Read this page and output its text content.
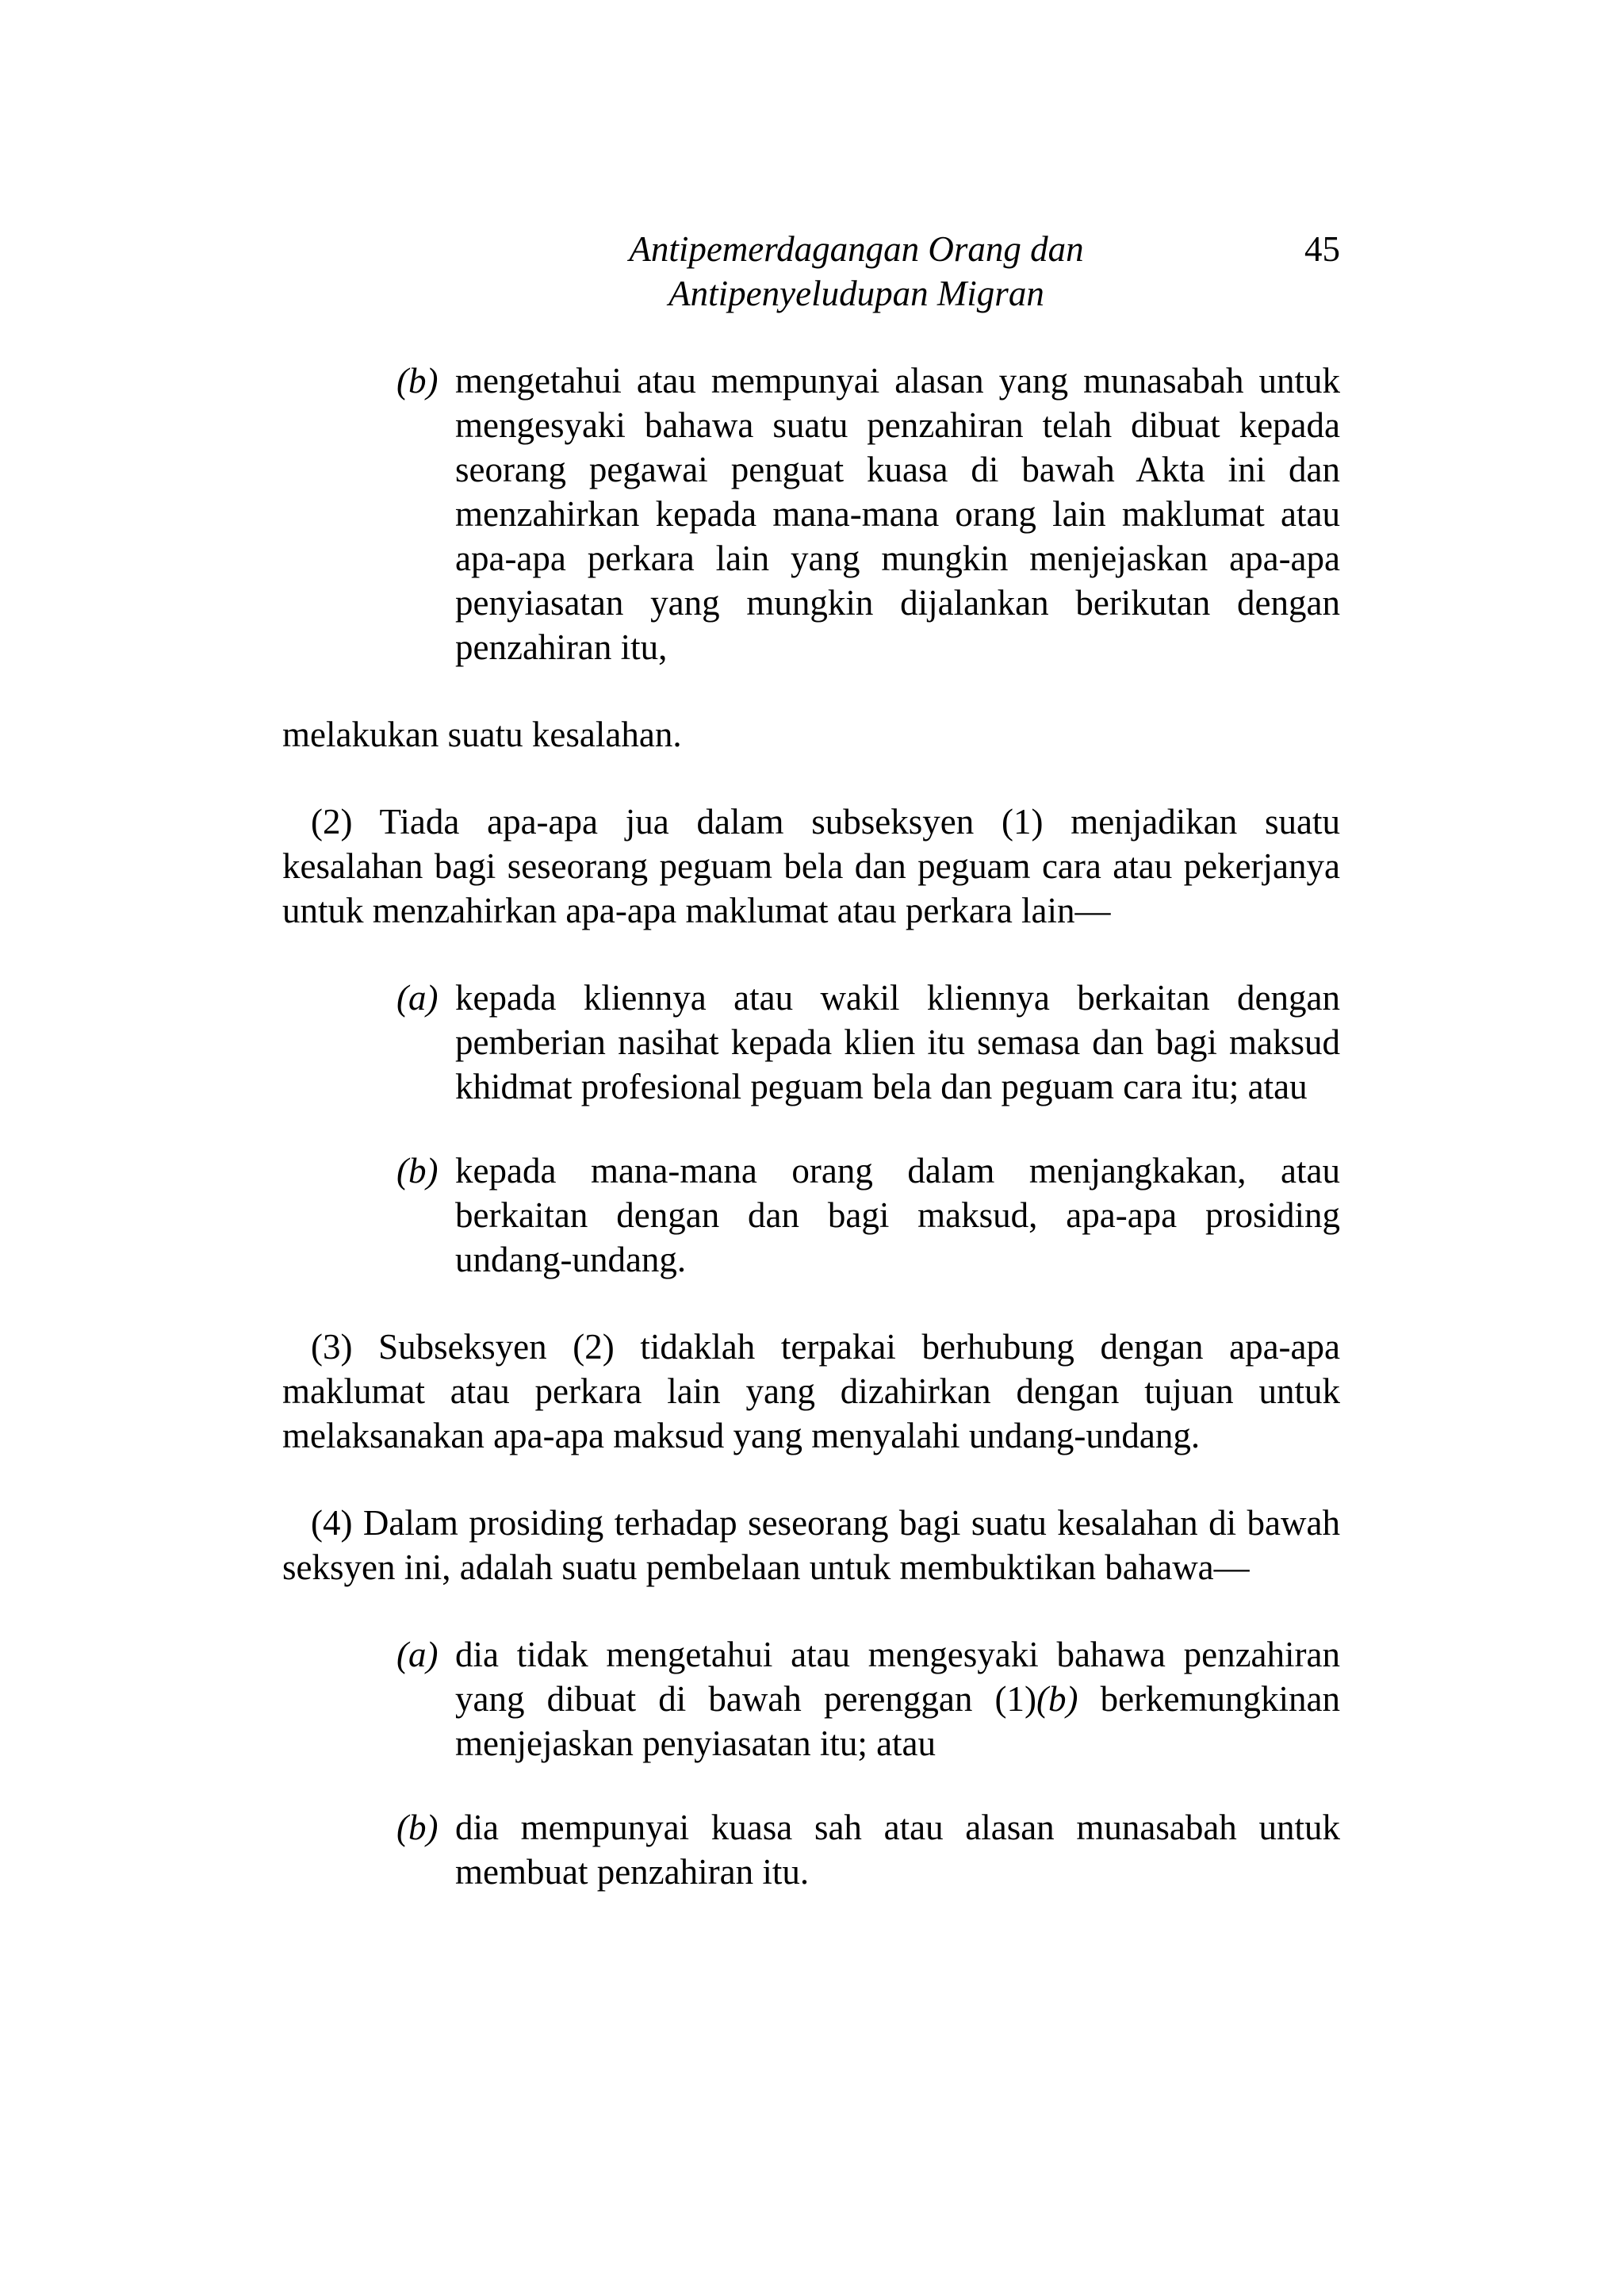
Antipemerdagangan Orang dan
Antipenyeludupan Migran
45
(b) mengetahui atau mempunyai alasan yang munasabah untuk mengesyaki bahawa suatu penzahiran telah dibuat kepada seorang pegawai penguat kuasa di bawah Akta ini dan menzahirkan kepada mana-mana orang lain maklumat atau apa-apa perkara lain yang mungkin menjejaskan apa-apa penyiasatan yang mungkin dijalankan berikutan dengan penzahiran itu,

melakukan suatu kesalahan.

(2) Tiada apa-apa jua dalam subseksyen (1) menjadikan suatu kesalahan bagi seseorang peguam bela dan peguam cara atau pekerjanya untuk menzahirkan apa-apa maklumat atau perkara lain—

(a) kepada kliennya atau wakil kliennya berkaitan dengan pemberian nasihat kepada klien itu semasa dan bagi maksud khidmat profesional peguam bela dan peguam cara itu; atau
(b) kepada mana-mana orang dalam menjangkakan, atau berkaitan dengan dan bagi maksud, apa-apa prosiding undang-undang.

(3) Subseksyen (2) tidaklah terpakai berhubung dengan apa-apa maklumat atau perkara lain yang dizahirkan dengan tujuan untuk melaksanakan apa-apa maksud yang menyalahi undang-undang.

(4) Dalam prosiding terhadap seseorang bagi suatu kesalahan di bawah seksyen ini, adalah suatu pembelaan untuk membuktikan bahawa—

(a) dia tidak mengetahui atau mengesyaki bahawa penzahiran yang dibuat di bawah perenggan (1)(b) berkemungkinan menjejaskan penyiasatan itu; atau
(b) dia mempunyai kuasa sah atau alasan munasabah untuk membuat penzahiran itu.
